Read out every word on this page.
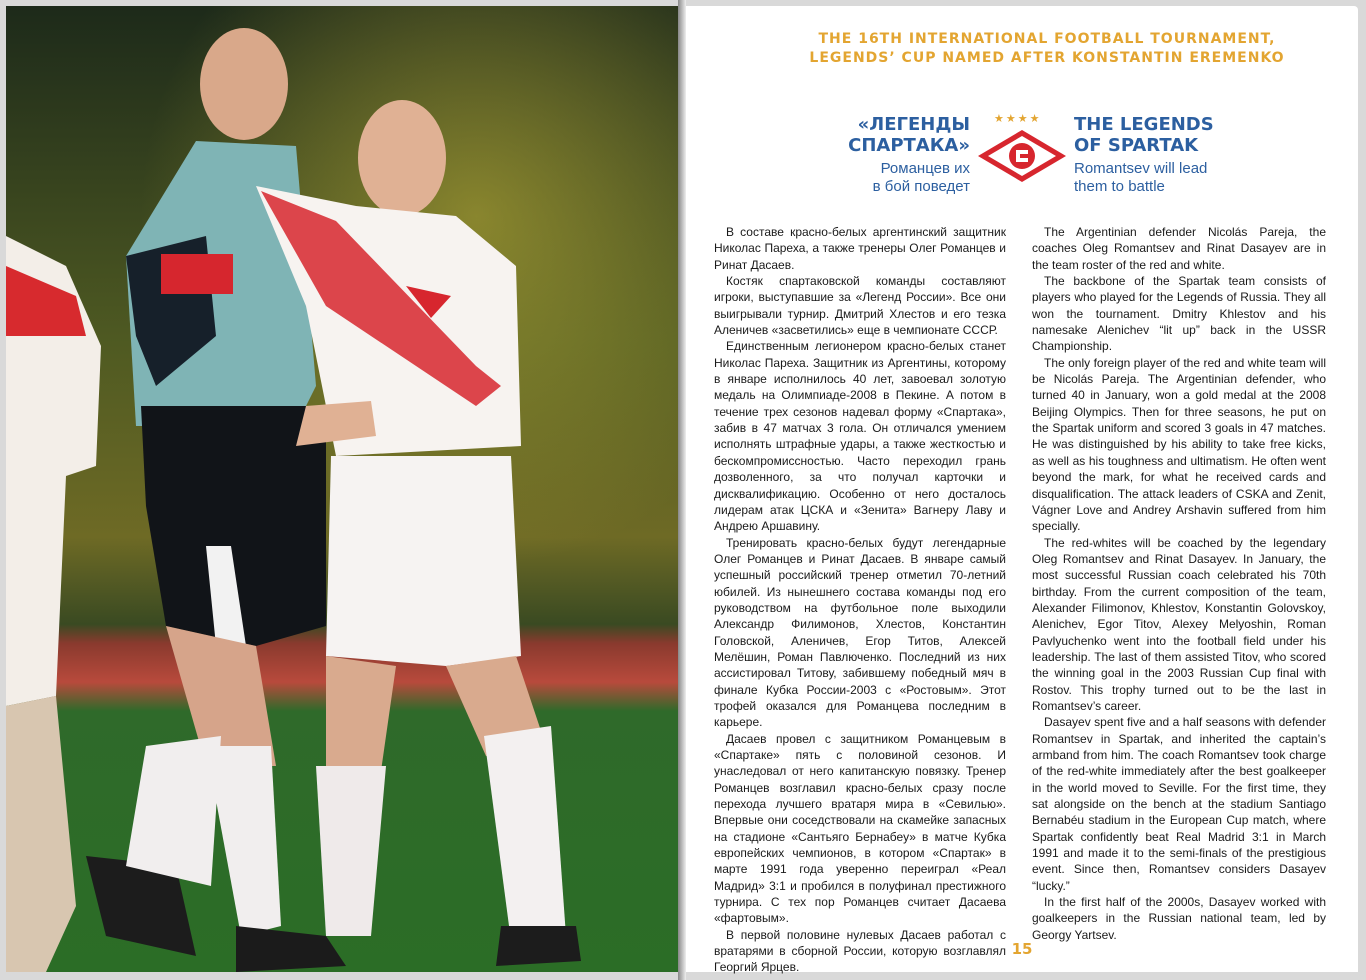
THE 16TH INTERNATIONAL FOOTBALL TOURNAMENT,
LEGENDS’ CUP NAMED AFTER KONSTANTIN EREMENKO
«ЛЕГЕНДЫ
СПАРТАКА»
Романцев их
в бой поведет
★★★★ THE LEGENDS
OF SPARTAK
Romantsev will lead
them to battle

В составе красно-белых аргентинский защитник Николас Пареха, а также тренеры Олег Романцев и Ринат Дасаев.

Костяк спартаковской команды составляют игроки, выступавшие за «Легенд России». Все они выигрывали турнир. Дмитрий Хлестов и его тезка Аленичев «засветились» еще в чемпионате СССР.

Единственным легионером красно-белых станет Николас Пареха. Защитник из Аргентины, которому в январе исполнилось 40 лет, завоевал золотую медаль на Олимпиаде-2008 в Пекине. А потом в течение трех сезонов надевал форму «Спартака», забив в 47 матчах 3 гола. Он отличался умением исполнять штрафные удары, а также жесткостью и бескомпромиссностью. Часто переходил грань дозволенного, за что получал карточки и дисквалификацию. Особенно от него досталось лидерам атак ЦСКА и «Зенита» Вагнеру Лаву и Андрею Аршавину.

Тренировать красно-белых будут легендарные Олег Романцев и Ринат Дасаев. В январе самый успешный российский тренер отметил 70-летний юбилей. Из нынешнего состава команды под его руководством на футбольное поле выходили Александр Филимонов, Хлестов, Константин Головской, Аленичев, Егор Титов, Алексей Мелёшин, Роман Павлюченко. Последний из них ассистировал Титову, забившему победный мяч в финале Кубка России-2003 с «Ростовым». Этот трофей оказался для Романцева последним в карьере.

Дасаев провел с защитником Романцевым в «Спартаке» пять с половиной сезонов. И унаследовал от него капитанскую повязку. Тренер Романцев возглавил красно-белых сразу после перехода лучшего вратаря мира в «Севилью». Впервые они соседствовали на скамейке запасных на стадионе «Сантьяго Бернабеу» в матче Кубка европейских чемпионов, в котором «Спартак» в марте 1991 года уверенно переиграл «Реал Мадрид» 3:1 и пробился в полуфинал престижного турнира. С тех пор Романцев считает Дасаева «фартовым».

В первой половине нулевых Дасаев работал с вратарями в сборной России, которую возглавлял Георгий Ярцев.

The Argentinian defender Nicolás Pareja, the coaches Oleg Romantsev and Rinat Dasayev are in the team roster of the red and white.

The backbone of the Spartak team consists of players who played for the Legends of Russia. They all won the tournament. Dmitry Khlestov and his namesake Alenichev “lit up” back in the USSR Championship.

The only foreign player of the red and white team will be Nicolás Pareja. The Argentinian defender, who turned 40 in January, won a gold medal at the 2008 Beijing Olympics. Then for three seasons, he put on the Spartak uniform and scored 3 goals in 47 matches. He was distinguished by his ability to take free kicks, as well as his toughness and ultimatism. He often went beyond the mark, for what he received cards and disqualification. The attack leaders of CSKA and Zenit, Vágner Love and Andrey Arshavin suffered from him specially.

The red-whites will be coached by the legendary Oleg Romantsev and Rinat Dasayev. In January, the most successful Russian coach celebrated his 70th birthday. From the current composition of the team, Alexander Filimonov, Khlestov, Konstantin Golovskoy, Alenichev, Egor Titov, Alexey Melyoshin, Roman Pavlyuchenko went into the football field under his leadership. The last of them assisted Titov, who scored the winning goal in the 2003 Russian Cup final with Rostov. This trophy turned out to be the last in Romantsev’s career.

Dasayev spent five and a half seasons with defender Romantsev in Spartak, and inherited the captain’s armband from him. The coach Romantsev took charge of the red-white immediately after the best goalkeeper in the world moved to Seville. For the first time, they sat alongside on the bench at the stadium Santiago Bernabéu stadium in the European Cup match, where Spartak confidently beat Real Madrid 3:1 in March 1991 and made it to the semi-finals of the prestigious event. Since then, Romantsev considers Dasayev “lucky.”

In the first half of the 2000s, Dasayev worked with goalkeepers in the Russian national team, led by Georgy Yartsev.

15
